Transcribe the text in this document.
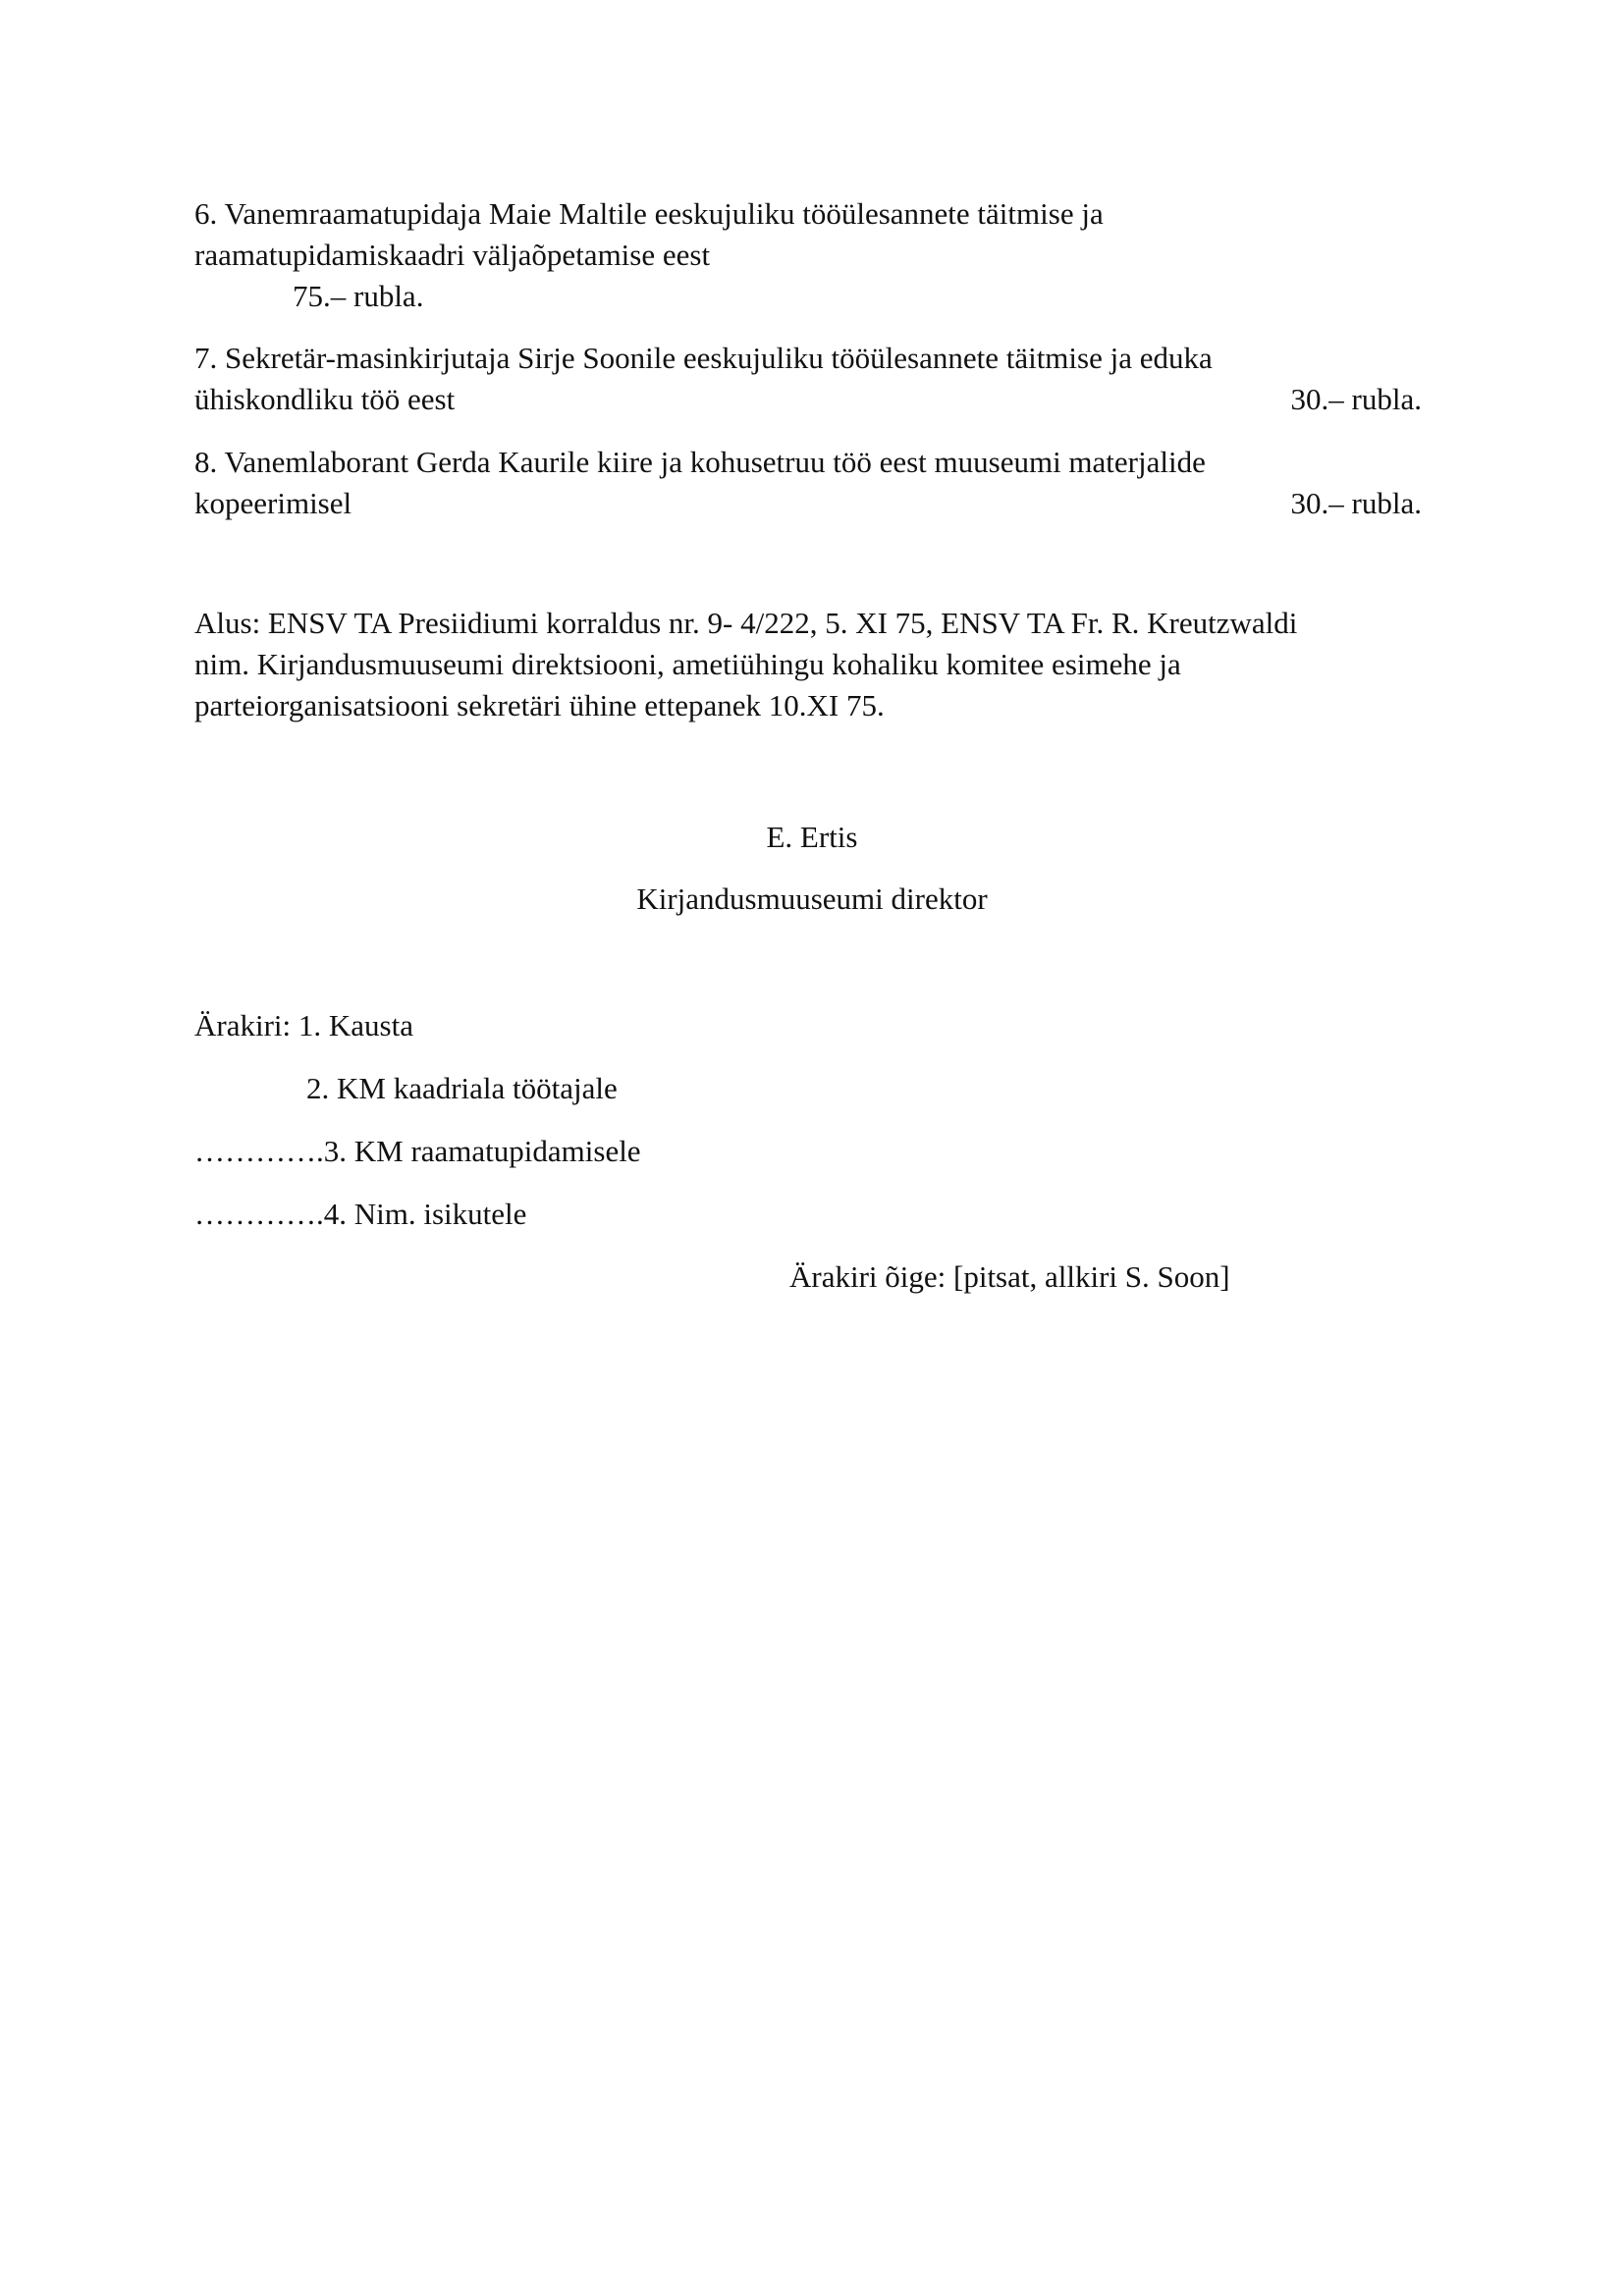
6. Vanemraamatupidaja Maie Maltile eeskujuliku tööülesannete täitmise ja
raamatupidamiskaadri väljaõpetamise eest
75.– rubla.
7. Sekretär-masinkirjutaja Sirje Soonile eeskujuliku tööülesannete täitmise ja eduka
ühiskondliku töö eest	30.– rubla.
8. Vanemlaborant Gerda Kaurile kiire ja kohusetruu töö eest muuseumi materjalide
kopeerimisel	30.– rubla.
Alus: ENSV TA Presiidiumi korraldus nr. 9- 4/222, 5. XI 75, ENSV TA Fr. R. Kreutzwaldi
nim. Kirjandusmuuseumi direktsiooni, ametiühingu kohaliku komitee esimehe ja
parteiorganisatsiooni sekretäri ühine ettepanek 10.XI 75.
E. Ertis
Kirjandusmuuseumi direktor
Ärakiri: 1. Kausta
2. KM kaadriala töötajale
………….3. KM raamatupidamisele
………….4. Nim. isikutele
Ärakiri õige: [pitsat, allkiri S. Soon]
